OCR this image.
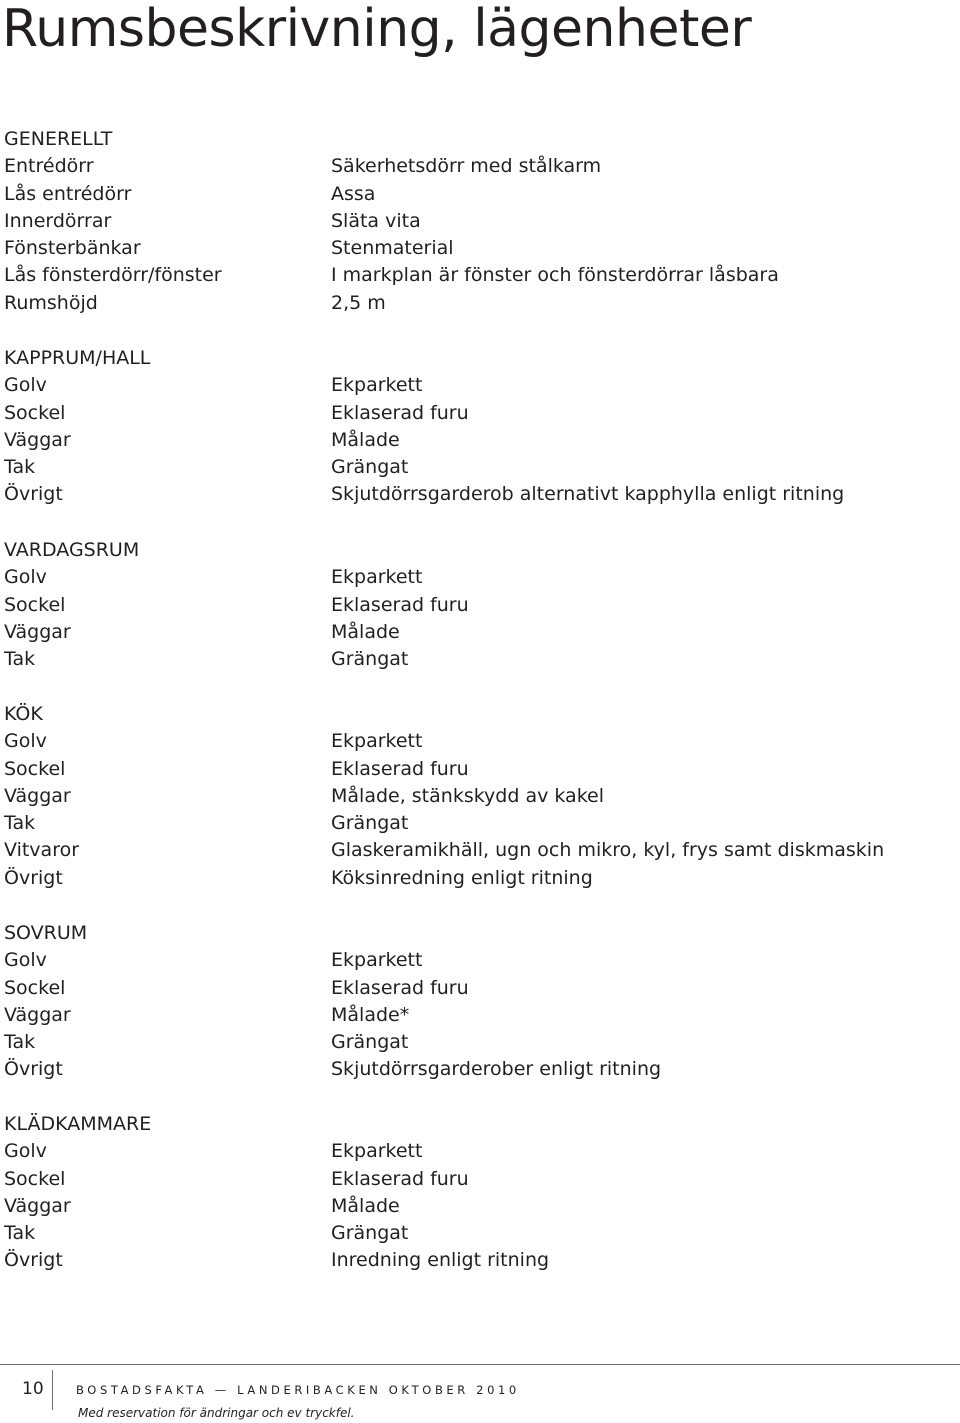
Rumsbeskrivning, lägenheter
GENERELLT
Entrédörr	Säkerhetsdörr med stålkarm
Lås entrédörr	Assa
Innerdörrar	Släta vita
Fönsterbänkar	Stenmaterial
Lås fönsterdörr/fönster	I markplan är fönster och fönsterdörrar låsbara
Rumshöjd	2,5 m
KAPPRUM/HALL
Golv	Ekparkett
Sockel	Eklaserad furu
Väggar	Målade
Tak	Grängat
Övrigt	Skjutdörrsgarderob alternativt kapphylla enligt ritning
VARDAGSRUM
Golv	Ekparkett
Sockel	Eklaserad furu
Väggar	Målade
Tak	Grängat
KÖK
Golv	Ekparkett
Sockel	Eklaserad furu
Väggar	Målade, stänkskydd av kakel
Tak	Grängat
Vitvaror	Glaskeramikhäll, ugn och mikro, kyl, frys samt diskmaskin
Övrigt	Köksinredning enligt ritning
SOVRUM
Golv	Ekparkett
Sockel	Eklaserad furu
Väggar	Målade*
Tak	Grängat
Övrigt	Skjutdörrsgarderober enligt ritning
KLÄDKAMMARE
Golv	Ekparkett
Sockel	Eklaserad furu
Väggar	Målade
Tak	Grängat
Övrigt	Inredning enligt ritning
10	BOSTADSFAKTA — LANDERIBACKEN OKTOBER 2010
Med reservation för ändringar och ev tryckfel.
